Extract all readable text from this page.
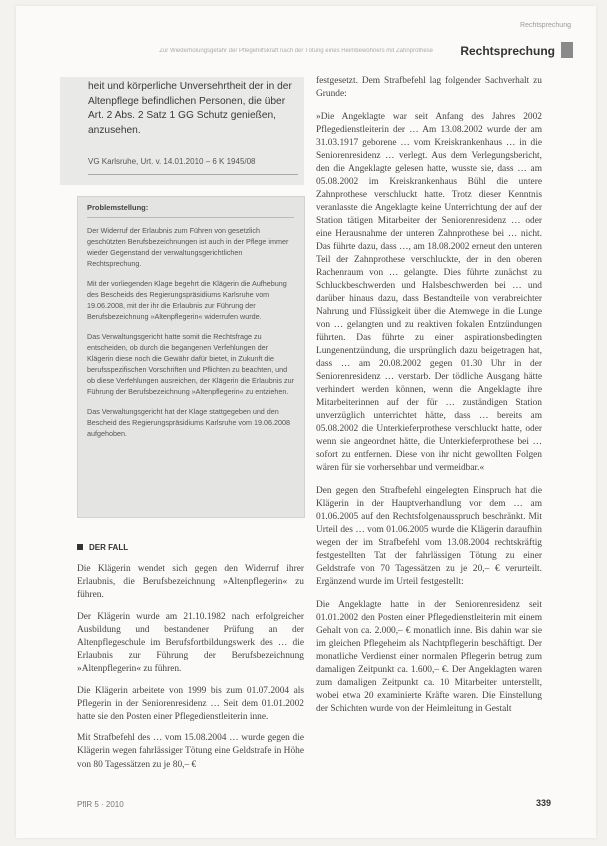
Rechtsprechung
Zur Wiederholungsgefahr der Pflegehilfskraft nach der Tötung eines Heimbewohners mit Zahnprothese Rechtsprechung
heit und körperliche Unversehrtheit der in der Altenpflege befindlichen Personen, die über Art. 2 Abs. 2 Satz 1 GG Schutz genießen, anzusehen.
VG Karlsruhe, Urt. v. 14.01.2010 – 6 K 1945/08
Problemstellung:

Der Widerruf der Erlaubnis zum Führen von gesetzlich geschützten Berufsbezeichnungen ist auch in der Pflege immer wieder Gegenstand der verwaltungsgerichtlichen Rechtsprechung.

Mit der vorliegenden Klage begehrt die Klägerin die Aufhebung des Bescheids des Regierungspräsidiums Karlsruhe vom 19.06.2008, mit der ihr die Erlaubnis zur Führung der Berufsbezeichnung »Altenpflegerin« widerrufen wurde.

Das Verwaltungsgericht hatte somit die Rechtsfrage zu entscheiden, ob durch die begangenen Verfehlungen der Klägerin diese noch die Gewähr dafür bietet, in Zukunft die berufsspezifischen Vorschriften und Pflichten zu beachten, und ob diese Verfehlungen ausreichen, der Klägerin die Erlaubnis zur Führung der Berufsbezeichnung »Altenpflegerin« zu entziehen.

Das Verwaltungsgericht hat der Klage stattgegeben und den Bescheid des Regierungspräsidiums Karlsruhe vom 19.06.2008 aufgehoben.

DER FALL

Die Klägerin wendet sich gegen den Widerruf ihrer Erlaubnis, die Berufsbezeichnung »Altenpflegerin« zu führen.

Der Klägerin wurde am 21.10.1982 nach erfolgreicher Ausbildung und bestandener Prüfung an der Altenpflegeschule im Berufsfortbildungswerk des … die Erlaubnis zur Führung der Berufsbezeichnung »Altenpflegerin« zu führen.

Die Klägerin arbeitete von 1999 bis zum 01.07.2004 als Pflegerin in der Seniorenresidenz … Seit dem 01.01.2002 hatte sie den Posten einer Pflegedienstleiterin inne.

Mit Strafbefehl des … vom 15.08.2004 … wurde gegen die Klägerin wegen fahrlässiger Tötung eine Geldstrafe in Höhe von 80 Tagessätzen zu je 80,– €

festgesetzt. Dem Strafbefehl lag folgender Sachverhalt zu Grunde:

»Die Angeklagte war seit Anfang des Jahres 2002 Pflegedienstleiterin der … Am 13.08.2002 wurde der am 31.03.1917 geborene … vom Kreiskrankenhaus … in die Seniorenresidenz … verlegt. Aus dem Verlegungsbericht, den die Angeklagte gelesen hatte, wusste sie, dass … am 05.08.2002 im Kreiskrankenhaus Bühl die untere Zahnprothese verschluckt hatte. Trotz dieser Kenntnis veranlasste die Angeklagte keine Unterrichtung der auf der Station tätigen Mitarbeiter der Seniorenresidenz … oder eine Herausnahme der unteren Zahnprothese bei … nicht. Das führte dazu, dass …, am 18.08.2002 erneut den unteren Teil der Zahnprothese verschluckte, der in den oberen Rachenraum von … gelangte. Dies führte zunächst zu Schluckbeschwerden und Halsbeschwerden bei … und darüber hinaus dazu, dass Bestandteile von verabreichter Nahrung und Flüssigkeit über die Atemwege in die Lunge von … gelangten und zu reaktiven fokalen Entzündungen führten. Das führte zu einer aspirationsbedingten Lungenentzündung, die ursprünglich dazu beigetragen hat, dass … am 20.08.2002 gegen 01.30 Uhr in der Seniorenresidenz … verstarb. Der tödliche Ausgang hätte verhindert werden können, wenn die Angeklagte ihre Mitarbeiterinnen auf der für … zuständigen Station unverzüglich unterrichtet hätte, dass … bereits am 05.08.2002 die Unterkieferprothese verschluckt hatte, oder wenn sie angeordnet hätte, die Unterkieferprothese bei … sofort zu entfernen. Diese von ihr nicht gewollten Folgen wären für sie vorhersehbar und vermeidbar.«

Den gegen den Strafbefehl eingelegten Einspruch hat die Klägerin in der Hauptverhandlung vor dem … am 01.06.2005 auf den Rechtsfolgenausspruch beschränkt. Mit Urteil des … vom 01.06.2005 wurde die Klägerin daraufhin wegen der im Strafbefehl vom 13.08.2004 rechtskräftig festgestellten Tat der fahrlässigen Tötung zu einer Geldstrafe von 70 Tagessätzen zu je 20,– € verurteilt. Ergänzend wurde im Urteil festgestellt:

Die Angeklagte hatte in der Seniorenresidenz seit 01.01.2002 den Posten einer Pflegedienstleiterin mit einem Gehalt von ca. 2.000,– € monatlich inne. Bis dahin war sie im gleichen Pflegeheim als Nachtpflegerin beschäftigt. Der monatliche Verdienst einer normalen Pflegerin betrug zum damaligen Zeitpunkt ca. 1.600,– €. Der Angeklagten waren zum damaligen Zeitpunkt ca. 10 Mitarbeiter unterstellt, wobei etwa 20 examinierte Kräfte waren. Die Einstellung der Schichten wurde von der Heimleitung in Gestalt

PflR 5 · 2010	339
